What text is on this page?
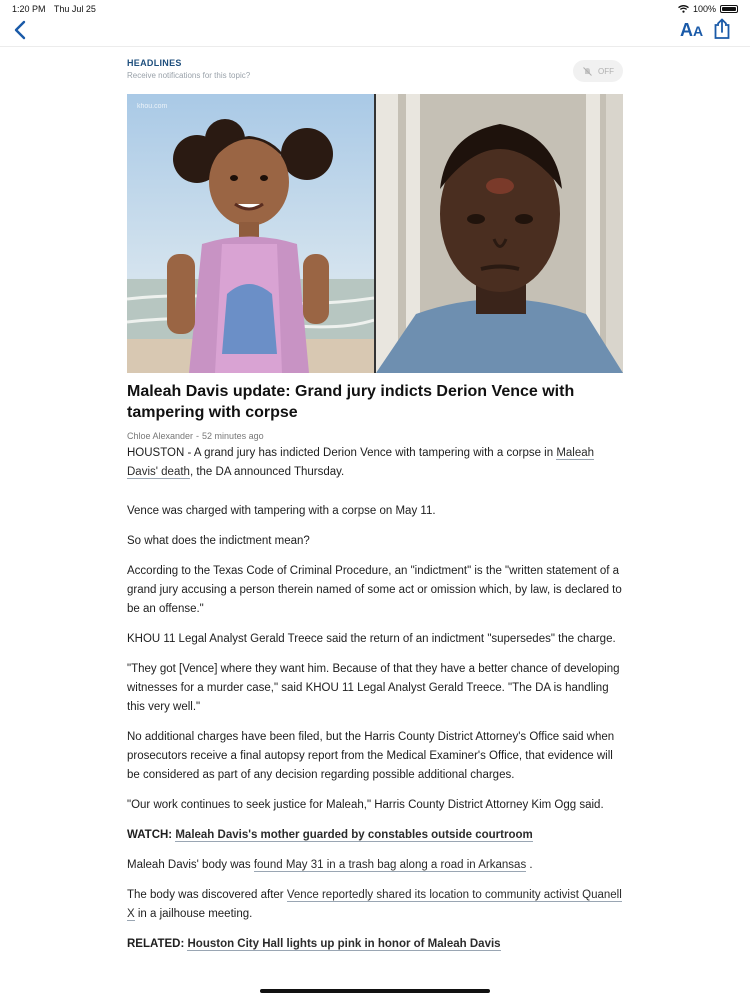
1:20 PM Thu Jul 25	100%
AA
HEADLINES
Receive notifications for this topic?	OFF
khou.com
Maleah Davis update: Grand jury indicts Derion Vence with tampering with corpse
Chloe Alexander - 52 minutes ago

HOUSTON - A grand jury has indicted Derion Vence with tampering with a corpse in Maleah Davis' death, the DA announced Thursday.

Vence was charged with tampering with a corpse on May 11.

So what does the indictment mean?

According to the Texas Code of Criminal Procedure, an "indictment" is the "written statement of a grand jury accusing a person therein named of some act or omission which, by law, is declared to be an offense."

KHOU 11 Legal Analyst Gerald Treece said the return of an indictment "supersedes" the charge.

"They got [Vence] where they want him. Because of that they have a better chance of developing witnesses for a murder case," said KHOU 11 Legal Analyst Gerald Treece. "The DA is handling this very well."

No additional charges have been filed, but the Harris County District Attorney's Office said when prosecutors receive a final autopsy report from the Medical Examiner's Office, that evidence will be considered as part of any decision regarding possible additional charges.

"Our work continues to seek justice for Maleah," Harris County District Attorney Kim Ogg said.

WATCH: Maleah Davis's mother guarded by constables outside courtroom

Maleah Davis' body was found May 31 in a trash bag along a road in Arkansas .

The body was discovered after Vence reportedly shared its location to community activist Quanell X in a jailhouse meeting.

RELATED: Houston City Hall lights up pink in honor of Maleah Davis
